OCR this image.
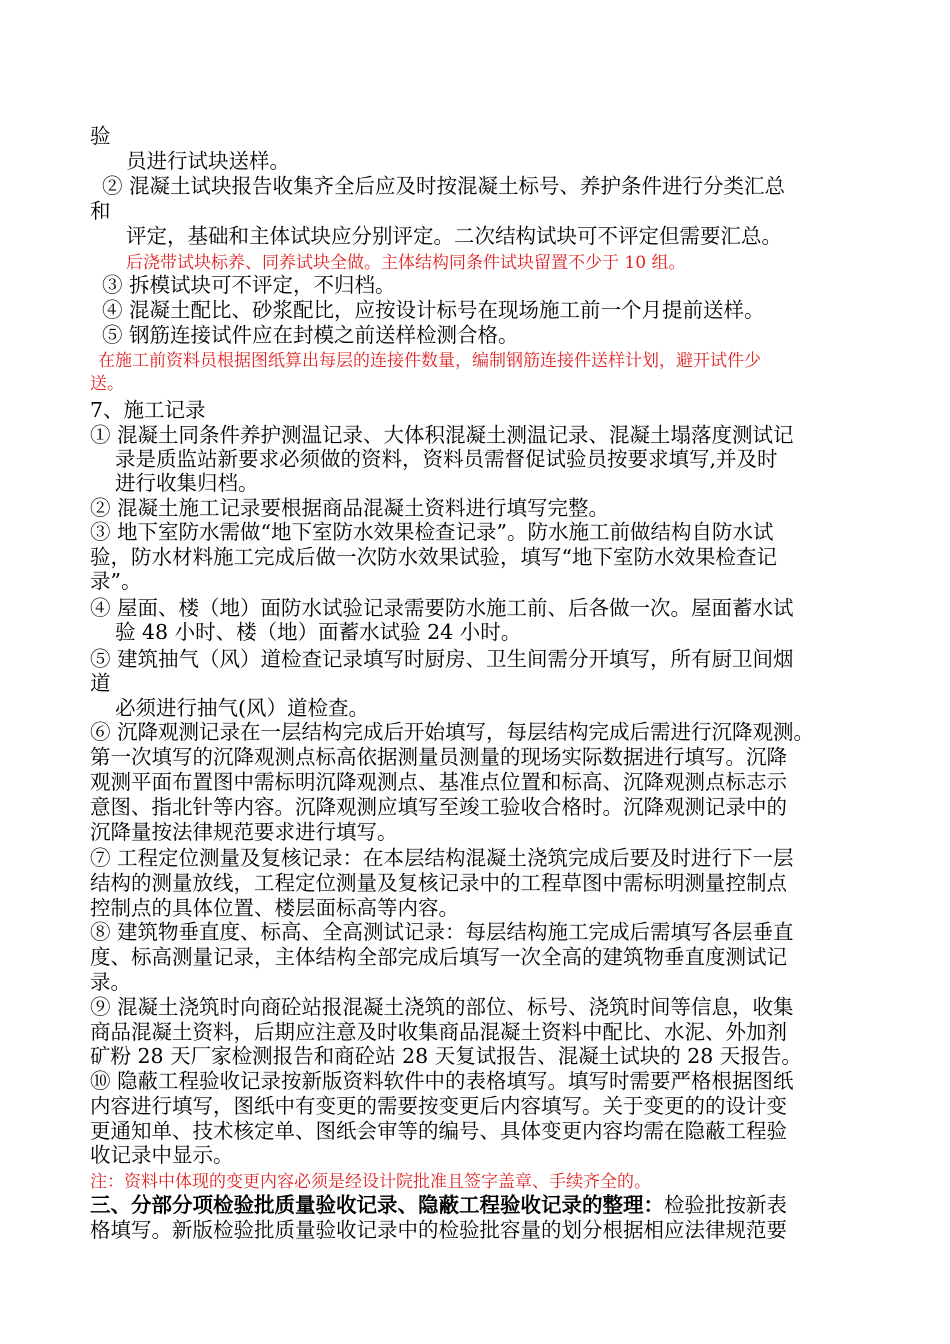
验
员进行试块送样。
② 混凝土试块报告收集齐全后应及时按混凝土标号、养护条件进行分类汇总
和
评定，基础和主体试块应分别评定。二次结构试块可不评定但需要汇总。
后浇带试块标养、同养试块全做。主体结构同条件试块留置不少于 10 组。
③ 拆模试块可不评定，不归档。
④ 混凝土配比、砂浆配比，应按设计标号在现场施工前一个月提前送样。
⑤ 钢筋连接试件应在封模之前送样检测合格。
在施工前资料员根据图纸算出每层的连接件数量，编制钢筋连接件送样计划，避开试件少
送。
7、施工记录
① 混凝土同条件养护测温记录、大体积混凝土测温记录、混凝土塌落度测试记
录是质监站新要求必须做的资料，资料员需督促试验员按要求填写,并及时
进行收集归档。
② 混凝土施工记录要根据商品混凝土资料进行填写完整。
③ 地下室防水需做“地下室防水效果检查记录”。防水施工前做结构自防水试
验，防水材料施工完成后做一次防水效果试验，填写“地下室防水效果检查记
录”。
④ 屋面、楼（地）面防水试验记录需要防水施工前、后各做一次。屋面蓄水试
验 48 小时、楼（地）面蓄水试验 24 小时。
⑤ 建筑抽气（风）道检查记录填写时厨房、卫生间需分开填写，所有厨卫间烟
道
必须进行抽气(风）道检查。
⑥ 沉降观测记录在一层结构完成后开始填写，每层结构完成后需进行沉降观测。
第一次填写的沉降观测点标高依据测量员测量的现场实际数据进行填写。沉降
观测平面布置图中需标明沉降观测点、基准点位置和标高、沉降观测点标志示
意图、指北针等内容。沉降观测应填写至竣工验收合格时。沉降观测记录中的
沉降量按法律规范要求进行填写。
⑦ 工程定位测量及复核记录：在本层结构混凝土浇筑完成后要及时进行下一层
结构的测量放线，工程定位测量及复核记录中的工程草图中需标明测量控制点
控制点的具体位置、楼层面标高等内容。
⑧ 建筑物垂直度、标高、全高测试记录：每层结构施工完成后需填写各层垂直
度、标高测量记录，主体结构全部完成后填写一次全高的建筑物垂直度测试记
录。
⑨ 混凝土浇筑时向商砼站报混凝土浇筑的部位、标号、浇筑时间等信息，收集
商品混凝土资料，后期应注意及时收集商品混凝土资料中配比、水泥、外加剂
矿粉 28 天厂家检测报告和商砼站 28 天复试报告、混凝土试块的 28 天报告。
⑩ 隐蔽工程验收记录按新版资料软件中的表格填写。填写时需要严格根据图纸
内容进行填写，图纸中有变更的需要按变更后内容填写。关于变更的的设计变
更通知单、技术核定单、图纸会审等的编号、具体变更内容均需在隐蔽工程验
收记录中显示。
注：资料中体现的变更内容必须是经设计院批准且签字盖章、手续齐全的。
三、分部分项检验批质量验收记录、隐蔽工程验收记录的整理：检验批按新表
格填写。新版检验批质量验收记录中的检验批容量的划分根据相应法律规范要
